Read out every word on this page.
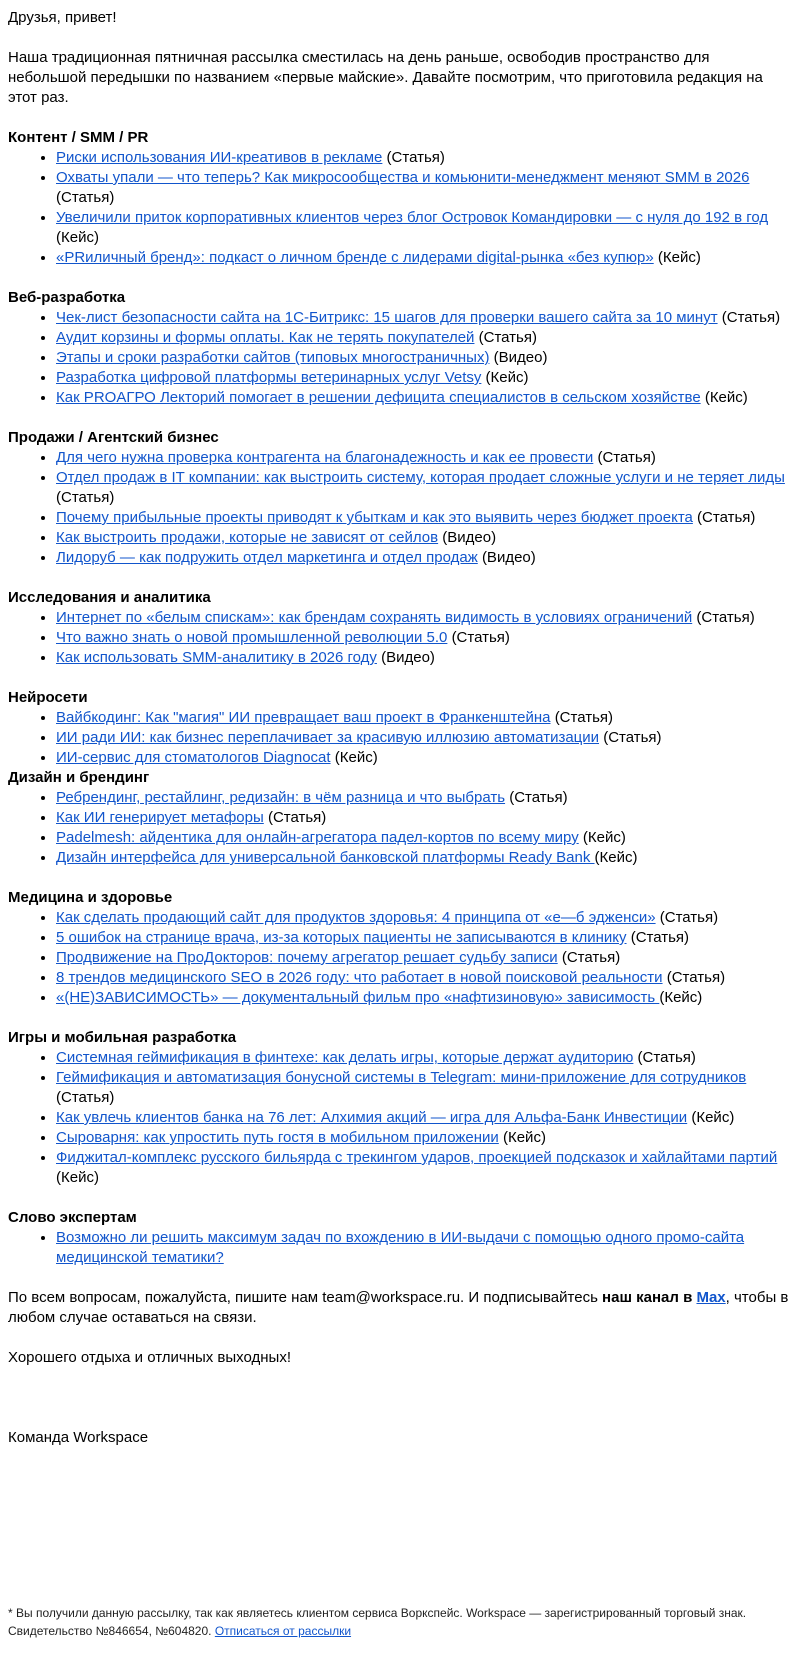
Друзья, привет!

Наша традиционная пятничная рассылка сместилась на день раньше, освободив пространство для небольшой передышки по названием «первые майские». Давайте посмотрим, что приготовила редакция на этот раз.

Контент / SMM / PR

• Риски использования ИИ-креативов в рекламе (Статья)
• Охваты упали — что теперь? Как микросообщества и комьюнити-менеджмент меняют SMM в 2026 (Статья)
• Увеличили приток корпоративных клиентов через блог Островок Командировки — с нуля до 192 в год (Кейс)
• «PRиличный бренд»: подкаст о личном бренде с лидерами digital-рынка «без купюр» (Кейс)

Веб-разработка

• Чек-лист безопасности сайта на 1С-Битрикс: 15 шагов для проверки вашего сайта за 10 минут (Статья)
• Аудит корзины и формы оплаты. Как не терять покупателей (Статья)
• Этапы и сроки разработки сайтов (типовых многостраничных) (Видео)
• Разработка цифровой платформы ветеринарных услуг Vetsy (Кейс)
• Как PROАГРО Лекторий помогает в решении дефицита специалистов в сельском хозяйстве (Кейс)

Продажи / Агентский бизнес

• Для чего нужна проверка контрагента на благонадежность и как ее провести (Статья)
• Отдел продаж в IT компании: как выстроить систему, которая продает сложные услуги и не теряет лиды (Статья)
• Почему прибыльные проекты приводят к убыткам и как это выявить через бюджет проекта (Статья)
• Как выстроить продажи, которые не зависят от сейлов (Видео)
• Лидоруб — как подружить отдел маркетинга и отдел продаж (Видео)

Исследования и аналитика

• Интернет по «белым спискам»: как брендам сохранять видимость в условиях ограничений (Статья)
• Что важно знать о новой промышленной революции 5.0 (Статья)
• Как использовать SMM-аналитику в 2026 году (Видео)

Нейросети

• Вайбкодинг: Как "магия" ИИ превращает ваш проект в Франкенштейна (Статья)
• ИИ ради ИИ: как бизнес переплачивает за красивую иллюзию автоматизации (Статья)
• ИИ-сервис для стоматологов Diagnocat (Кейс)

Дизайн и брендинг

• Ребрендинг, рестайлинг, редизайн: в чём разница и что выбрать (Статья)
• Как ИИ генерирует метафоры (Статья)
• Padelmesh: айдентика для онлайн-агрегатора падел-кортов по всему миру (Кейс)
• Дизайн интерфейса для универсальной банковской платформы Ready Bank (Кейс)

Медицина и здоровье

• Как сделать продающий сайт для продуктов здоровья: 4 принципа от «е—б эдженси» (Статья)
• 5 ошибок на странице врача, из-за которых пациенты не записываются в клинику (Статья)
• Продвижение на ПроДокторов: почему агрегатор решает судьбу записи (Статья)
• 8 трендов медицинского SEO в 2026 году: что работает в новой поисковой реальности (Статья)
• «(НЕ)ЗАВИСИМОСТЬ» — документальный фильм про «нафтизиновую» зависимость (Кейс)

Игры и мобильная разработка

• Системная геймификация в финтехе: как делать игры, которые держат аудиторию (Статья)
• Геймификация и автоматизация бонусной системы в Telegram: мини-приложение для сотрудников (Статья)
• Как увлечь клиентов банка на 76 лет: Алхимия акций — игра для Альфа-Банк Инвестиции (Кейс)
• Сыроварня: как упростить путь гостя в мобильном приложении (Кейс)
• Фиджитал-комплекс русского бильярда с трекингом ударов, проекцией подсказок и хайлайтами партий (Кейс)

Слово экспертам

• Возможно ли решить максимум задач по вхождению в ИИ-выдачи с помощью одного промо-сайта медицинской тематики?

По всем вопросам, пожалуйста, пишите нам team@workspace.ru. И подписывайтесь наш канал в Max, чтобы в любом случае оставаться на связи.

Хорошего отдыха и отличных выходных!

Команда Workspace

* Вы получили данную рассылку, так как являетесь клиентом сервиса Воркспейс. Workspace — зарегистрированный торговый знак. Свидетельство №846654, №604820. Отписаться от рассылки
